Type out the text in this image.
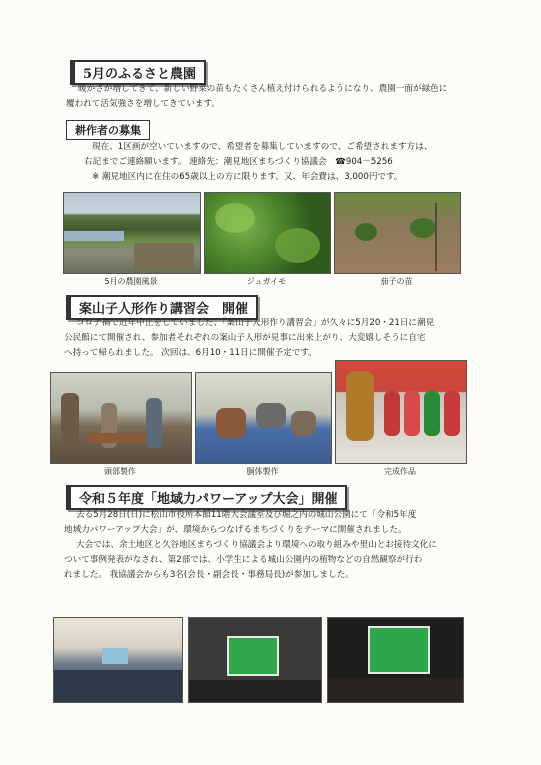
5月のふるさと農園
暖かさが増してきて、新しい野菜の苗もたくさん植え付けられるようになり、農園一面が緑色に
覆われて活気強さを増してきています。
耕作者の募集
現在、1区画が空いていますので、希望者を募集していますので、ご希望されます方は、
右記までご連絡願います。 連絡先：潮見地区まちづくり協議会　☎904－5256
※ 潮見地区内に在住の65歳以上の方に限ります。又、年会費は、3,000円です。
5月の農園風景	ジュガイモ	茄子の苗
案山子人形作り講習会　開催
コロナ禍で近年中止をしていました、「案山子人形作り講習会」が久々に5月20・21日に潮見
公民館にて開催され、参加者それぞれの案山子人形が見事に出来上がり、大変嬉しそうに自宅
へ持って帰られました。 次回は、6月10・11日に開催予定です。
頭部製作	胴体製作	完成作品
令和５年度「地域力パワーアップ大会」開催
去る5月28日(日)に松山市役所本館11階大会議室及び堀之内の城山公園にて「令和5年度
地域力パワーアップ大会」が、環境からつなげるまちづくりをテーマに開催されました。
大会では、余土地区と久谷地区まちづくり協議会より環境への取り組みや里山とお接待文化に
ついて事例発表がなされ、第2部では、小学生による城山公園内の植物などの自然観察が行わ
れました。 我協議会からも3名(会長・副会長・事務局長)が参加しました。
